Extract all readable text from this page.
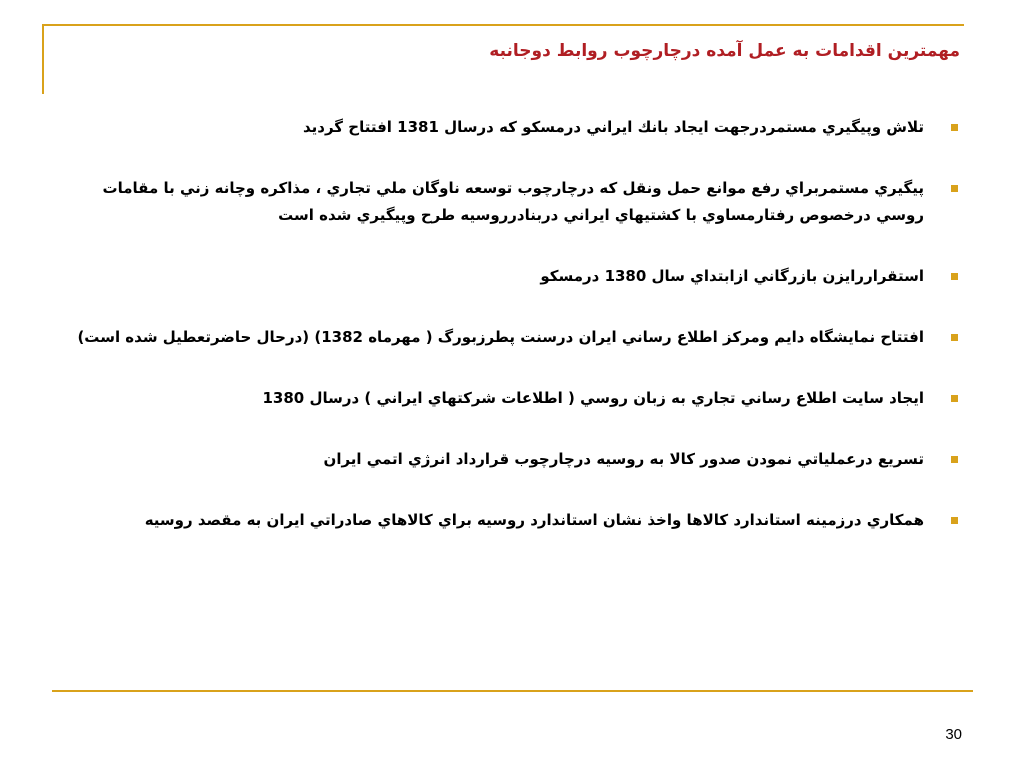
مهمترين اقدامات به عمل آمده درچارچوب روابط دوجانبه
تلاش وپيگيري مستمردرجهت ايجاد بانك ايراني درمسكو كه درسال 1381 افتتاح گرديد
پيگيري مستمربراي رفع موانع حمل ونقل كه درچارچوب توسعه ناوگان ملي تجاري ، مذاكره وچانه زني با مقامات روسي درخصوص رفتارمساوي با كشتيهاي ايراني دربنادرروسيه طرح وپيگيري شده است
استقراررايزن بازرگاني ازابتداي سال 1380 درمسكو
افتتاح نمايشگاه دايم ومركز اطلاع رساني ايران درسنت پطرزبورگ ( مهرماه 1382) (درحال حاضرتعطيل شده است)
ايجاد سايت اطلاع رساني تجاري به زبان روسي ( اطلاعات شركتهاي ايراني ) درسال 1380
تسريع درعملياتي نمودن صدور كالا به روسيه درچارچوب قرارداد انرژي اتمي ايران
همكاري درزمينه استاندارد كالاها واخذ نشان استاندارد روسيه براي كالاهاي صادراتي ايران به مقصد روسيه
30
